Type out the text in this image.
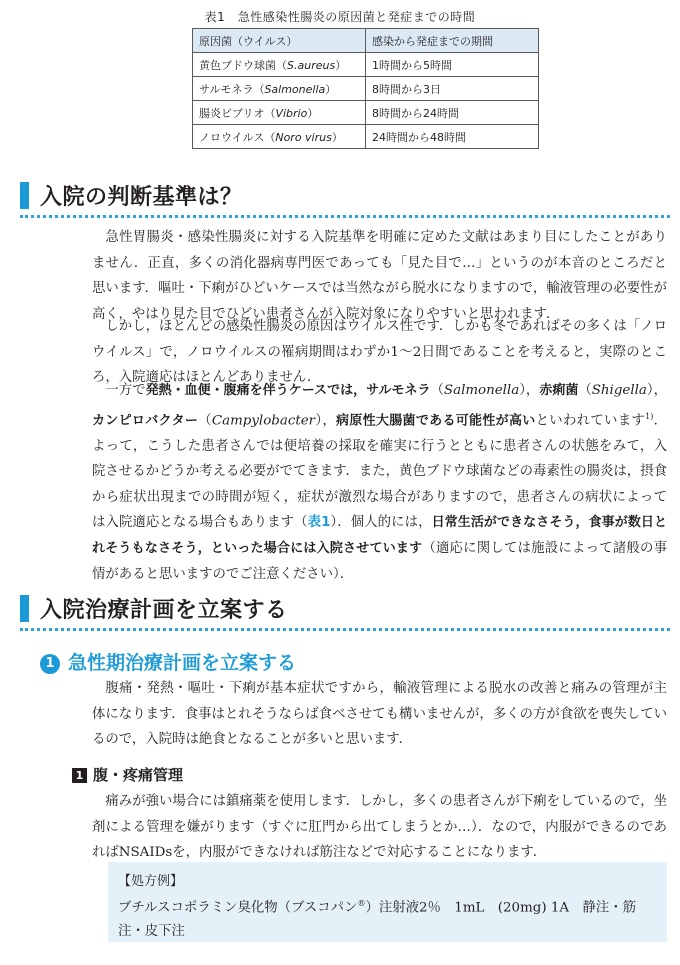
表1　急性感染性腸炎の原因菌と発症までの時間
原因菌（ウイルス）	感染から発症までの期間
黄色ブドウ球菌（S.aureus）	1時間から5時間
サルモネラ（Salmonella）	8時間から3日
腸炎ビブリオ（Vibrio）	8時間から24時間
ノロウイルス（Noro virus）	24時間から48時間
入院の判断基準は？

急性胃腸炎・感染性腸炎に対する入院基準を明確に定めた文献はあまり目にしたことがありません．正直，多くの消化器病専門医であっても「見た目で…」というのが本音のところだと思います．嘔吐・下痢がひどいケースでは当然ながら脱水になりますので，輸液管理の必要性が高く，やはり見た目でひどい患者さんが入院対象になりやすいと思われます．

しかし，ほとんどの感染性腸炎の原因はウイルス性です．しかも冬であればその多くは「ノロウイルス」で，ノロウイルスの罹病期間はわずか1～2日間であることを考えると，実際のところ，入院適応はほとんどありません．

一方で発熱・血便・腹痛を伴うケースでは，サルモネラ（Salmonella），赤痢菌（Shigella），カンピロバクター（Campylobacter），病原性大腸菌である可能性が高いといわれています$^{1)}$．よって，こうした患者さんでは便培養の採取を確実に行うとともに患者さんの状態をみて，入院させるかどうか考える必要がでてきます．また，黄色ブドウ球菌などの毒素性の腸炎は，摂食から症状出現までの時間が短く，症状が激烈な場合がありますので，患者さんの病状によっては入院適応となる場合もあります（表1）．個人的には，日常生活ができなさそう，食事が数日とれそうもなさそう，といった場合には入院させています（適応に関しては施設によって諸般の事情があると思いますのでご注意ください）．

入院治療計画を立案する
1 急性期治療計画を立案する

腹痛・発熱・嘔吐・下痢が基本症状ですから，輸液管理による脱水の改善と痛みの管理が主体になります．食事はとれそうならば食べさせても構いませんが，多くの方が食欲を喪失しているので，入院時は絶食となることが多いと思います．

1 腹・疼痛管理

痛みが強い場合には鎮痛薬を使用します．しかし，多くの患者さんが下痢をしているので，坐剤による管理を嫌がります（すぐに肛門から出てしまうとか…）．なので，内服ができるのであればNSAIDsを，内服ができなければ筋注などで対応することになります．

【処方例】
ブチルスコポラミン臭化物（ブスコパン®）注射液2％　1mL　(20mg) 1A　静注・筋注・皮下注
